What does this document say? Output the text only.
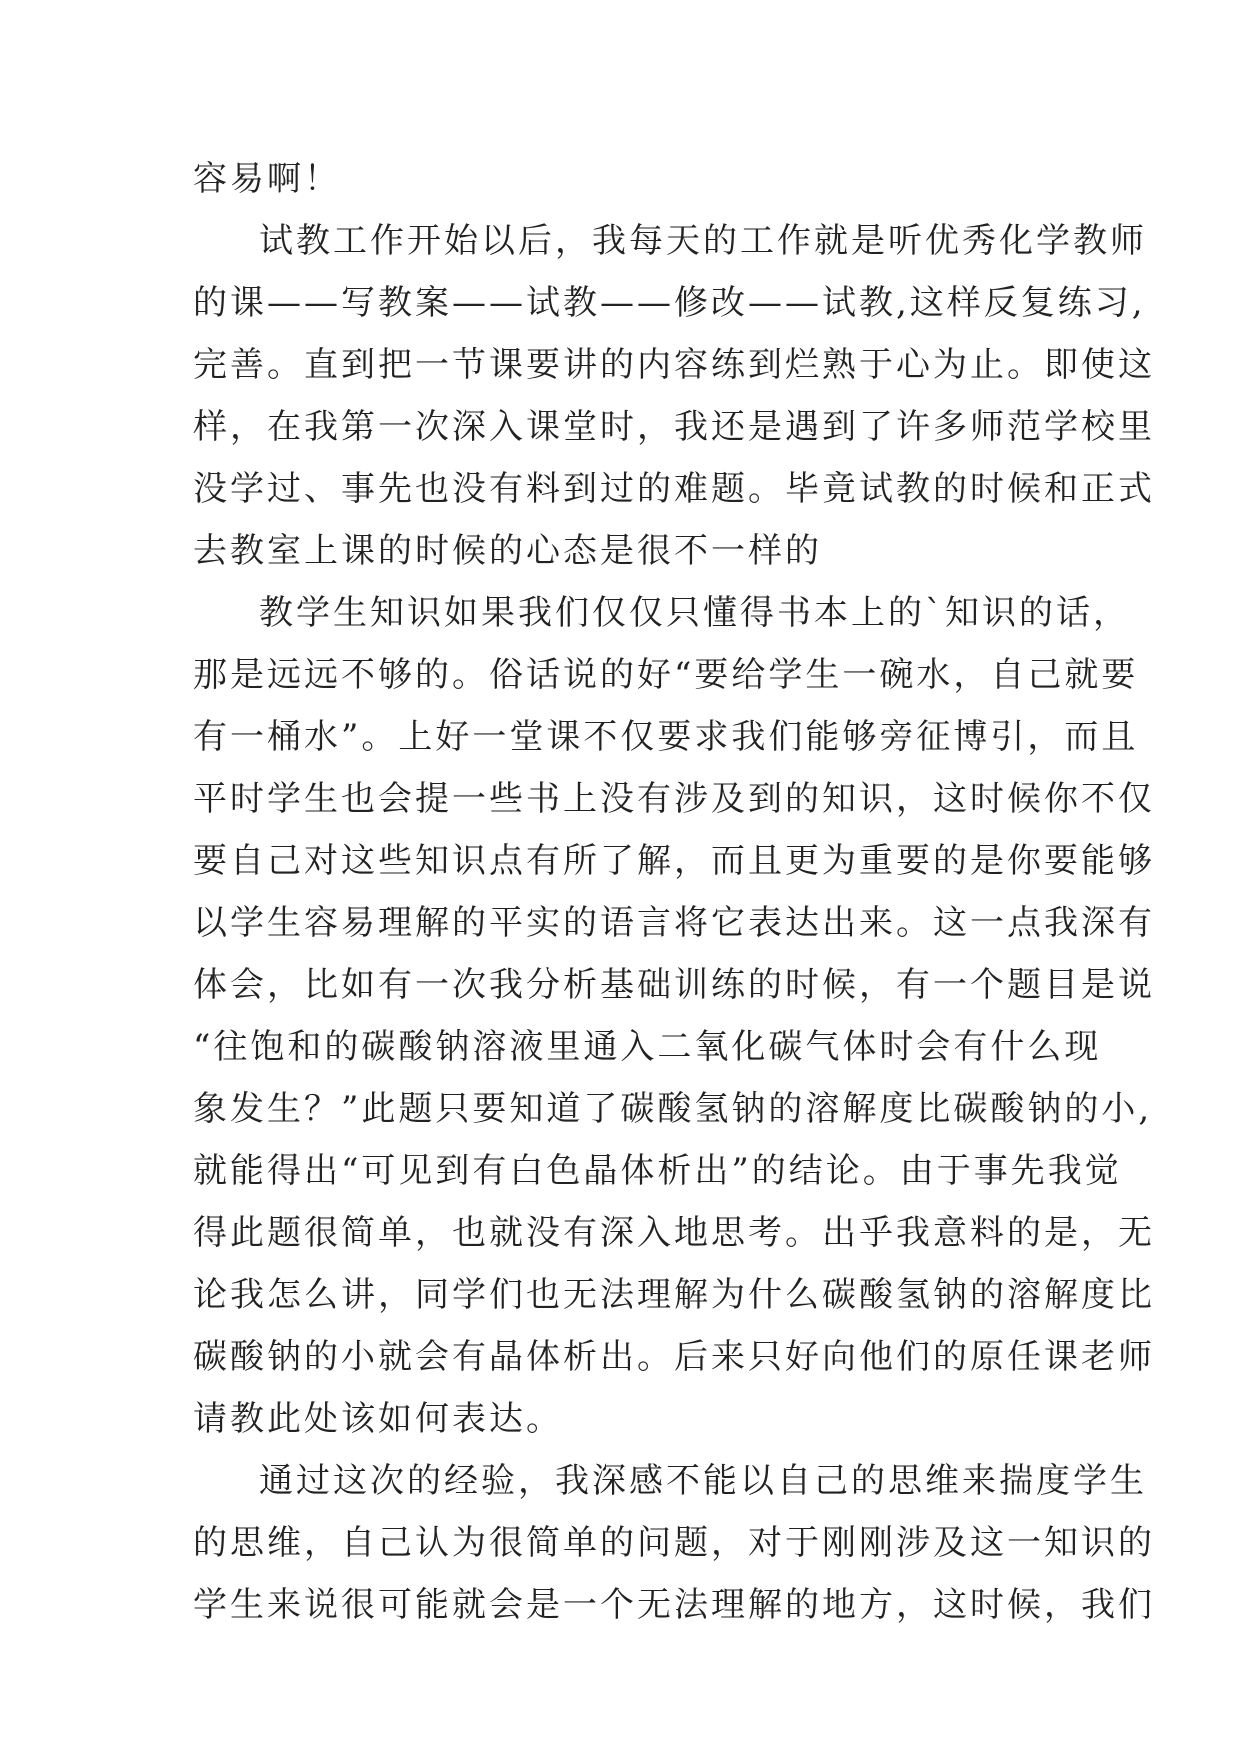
容易啊！
试教工作开始以后，我每天的工作就是听优秀化学教师
的课——写教案——试教——修改——试教,这样反复练习,
完善。直到把一节课要讲的内容练到烂熟于心为止。即使这
样，在我第一次深入课堂时，我还是遇到了许多师范学校里
没学过、事先也没有料到过的难题。毕竟试教的时候和正式
去教室上课的时候的心态是很不一样的
教学生知识如果我们仅仅只懂得书本上的`知识的话，
那是远远不够的。俗话说的好“要给学生一碗水，自己就要
有一桶水”。上好一堂课不仅要求我们能够旁征博引，而且
平时学生也会提一些书上没有涉及到的知识，这时候你不仅
要自己对这些知识点有所了解，而且更为重要的是你要能够
以学生容易理解的平实的语言将它表达出来。这一点我深有
体会，比如有一次我分析基础训练的时候，有一个题目是说
“往饱和的碳酸钠溶液里通入二氧化碳气体时会有什么现
象发生？”此题只要知道了碳酸氢钠的溶解度比碳酸钠的小,
就能得出“可见到有白色晶体析出”的结论。由于事先我觉
得此题很简单，也就没有深入地思考。出乎我意料的是，无
论我怎么讲，同学们也无法理解为什么碳酸氢钠的溶解度比
碳酸钠的小就会有晶体析出。后来只好向他们的原任课老师
请教此处该如何表达。
通过这次的经验，我深感不能以自己的思维来揣度学生
的思维，自己认为很简单的问题，对于刚刚涉及这一知识的
学生来说很可能就会是一个无法理解的地方，这时候，我们
